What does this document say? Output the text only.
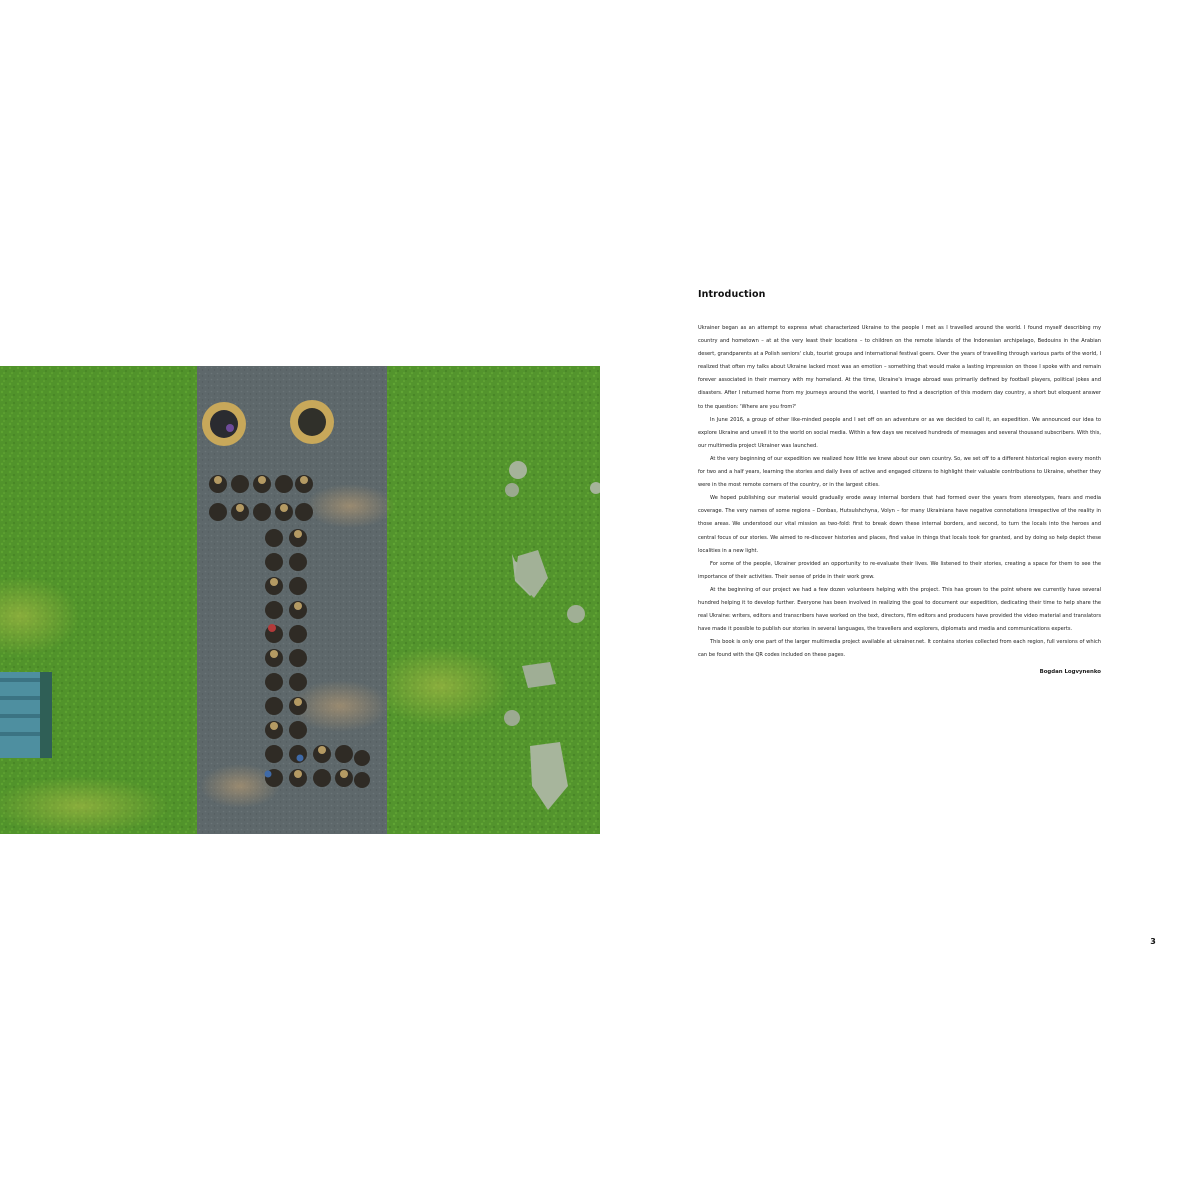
Introduction

Ukrainer began as an attempt to express what characterized Ukraine to the people I met as I travelled around the world. I found myself describing my country and hometown – at at the very least their locations – to children on the remote islands of the Indonesian archipelago, Bedouins in the Arabian desert, grandparents at a Polish seniors' club, tourist groups and international festival goers. Over the years of travelling through various parts of the world, I realized that often my talks about Ukraine lacked most was an emotion – something that would make a lasting impression on those I spoke with and remain forever associated in their memory with my homeland. At the time, Ukraine's image abroad was primarily defined by football players, political jokes and disasters. After I returned home from my journeys around the world, I wanted to find a description of this modern day country, a short but eloquent answer to the question: 'Where are you from?'

In June 2016, a group of other like-minded people and I set off on an adventure or as we decided to call it, an expedition. We announced our idea to explore Ukraine and unveil it to the world on social media. Within a few days we received hundreds of messages and several thousand subscribers. With this, our multimedia project Ukrainer was launched.

At the very beginning of our expedition we realized how little we knew about our own country. So, we set off to a different historical region every month for two and a half years, learning the stories and daily lives of active and engaged citizens to highlight their valuable contributions to Ukraine, whether they were in the most remote corners of the country, or in the largest cities.

We hoped publishing our material would gradually erode away internal borders that had formed over the years from stereotypes, fears and media coverage. The very names of some regions – Donbas, Hutsulshchyna, Volyn – for many Ukrainians have negative connotations irrespective of the reality in those areas. We understood our vital mission as two-fold: first to break down these internal borders, and second, to turn the locals into the heroes and central focus of our stories. We aimed to re-discover histories and places, find value in things that locals took for granted, and by doing so help depict these localities in a new light.

For some of the people, Ukrainer provided an opportunity to re-evaluate their lives. We listened to their stories, creating a space for them to see the importance of their activities. Their sense of pride in their work grew.

At the beginning of our project we had a few dozen volunteers helping with the project. This has grown to the point where we currently have several hundred helping it to develop further. Everyone has been involved in realizing the goal to document our expedition, dedicating their time to help share the real Ukraine: writers, editors and transcribers have worked on the text, directors, film editors and producers have provided the video material and translators have made it possible to publish our stories in several languages, the travellers and explorers, diplomats and media and communications experts.

This book is only one part of the larger multimedia project available at ukrainer.net. It contains stories collected from each region, full versions of which can be found with the QR codes included on these pages.

Bogdan Logvynenko
3
